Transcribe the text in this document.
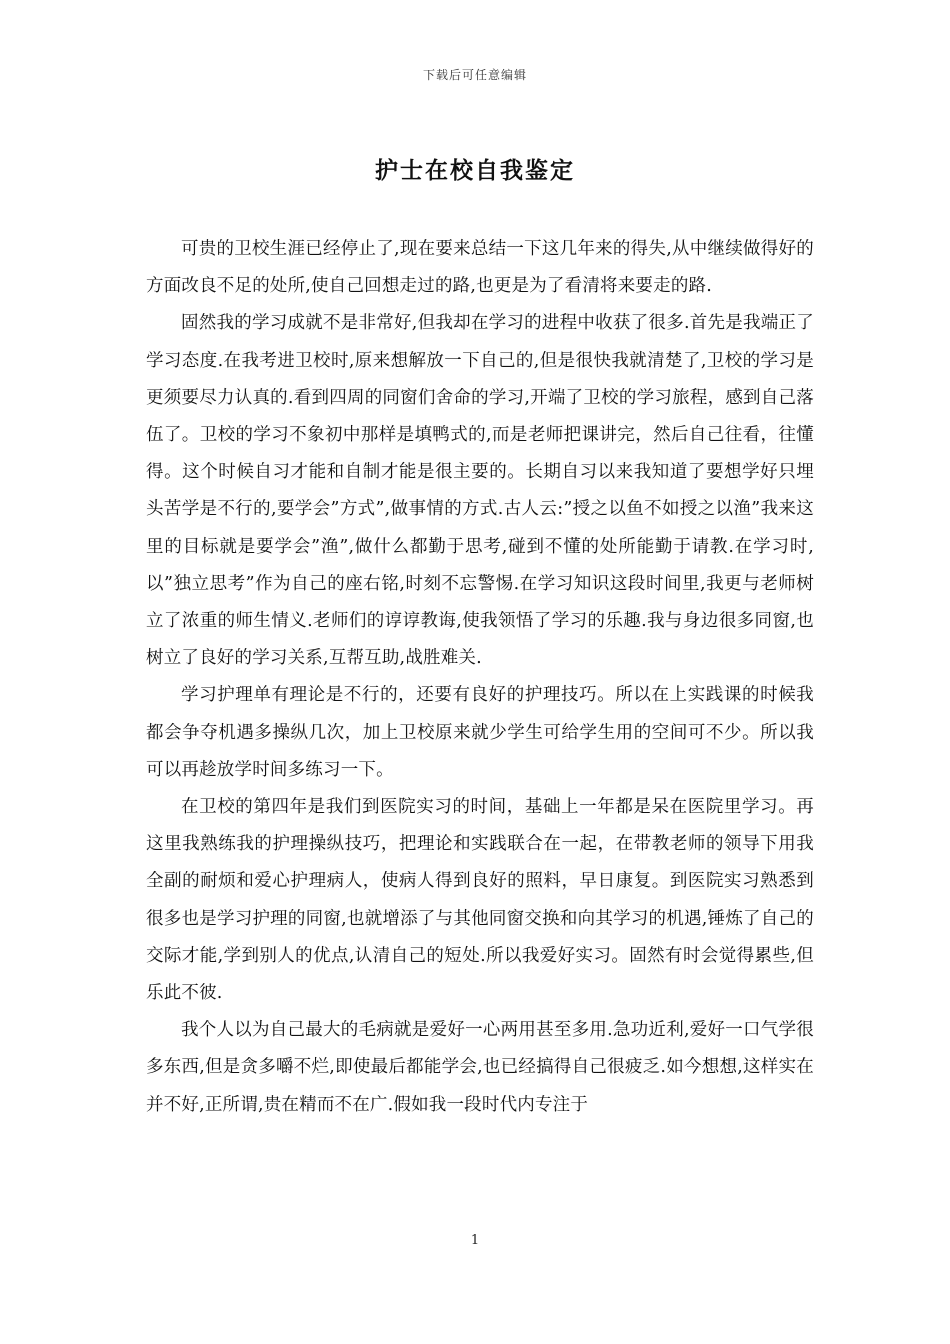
下载后可任意编辑
护士在校自我鉴定

可贵的卫校生涯已经停止了,现在要来总结一下这几年来的得失,从中继续做得好的方面改良不足的处所,使自己回想走过的路,也更是为了看清将来要走的路.

固然我的学习成就不是非常好,但我却在学习的进程中收获了很多.首先是我端正了学习态度.在我考进卫校时,原来想解放一下自己的,但是很快我就清楚了,卫校的学习是更须要尽力认真的.看到四周的同窗们舍命的学习,开端了卫校的学习旅程，感到自己落伍了。卫校的学习不象初中那样是填鸭式的,而是老师把课讲完，然后自己往看，往懂得。这个时候自习才能和自制才能是很主要的。长期自习以来我知道了要想学好只埋头苦学是不行的,要学会”方式”,做事情的方式.古人云:”授之以鱼不如授之以渔”我来这里的目标就是要学会”渔”,做什么都勤于思考,碰到不懂的处所能勤于请教.在学习时,以”独立思考”作为自己的座右铭,时刻不忘警惕.在学习知识这段时间里,我更与老师树立了浓重的师生情义.老师们的谆谆教诲,使我领悟了学习的乐趣.我与身边很多同窗,也树立了良好的学习关系,互帮互助,战胜难关.

学习护理单有理论是不行的，还要有良好的护理技巧。所以在上实践课的时候我都会争夺机遇多操纵几次，加上卫校原来就少学生可给学生用的空间可不少。所以我可以再趁放学时间多练习一下。

在卫校的第四年是我们到医院实习的时间，基础上一年都是呆在医院里学习。再这里我熟练我的护理操纵技巧，把理论和实践联合在一起，在带教老师的领导下用我全副的耐烦和爱心护理病人，使病人得到良好的照料，早日康复。到医院实习熟悉到很多也是学习护理的同窗,也就增添了与其他同窗交换和向其学习的机遇,锤炼了自己的交际才能,学到别人的优点,认清自己的短处.所以我爱好实习。固然有时会觉得累些,但乐此不彼.

我个人以为自己最大的毛病就是爱好一心两用甚至多用.急功近利,爱好一口气学很多东西,但是贪多嚼不烂,即使最后都能学会,也已经搞得自己很疲乏.如今想想,这样实在并不好,正所谓,贵在精而不在广.假如我一段时代内专注于

1
